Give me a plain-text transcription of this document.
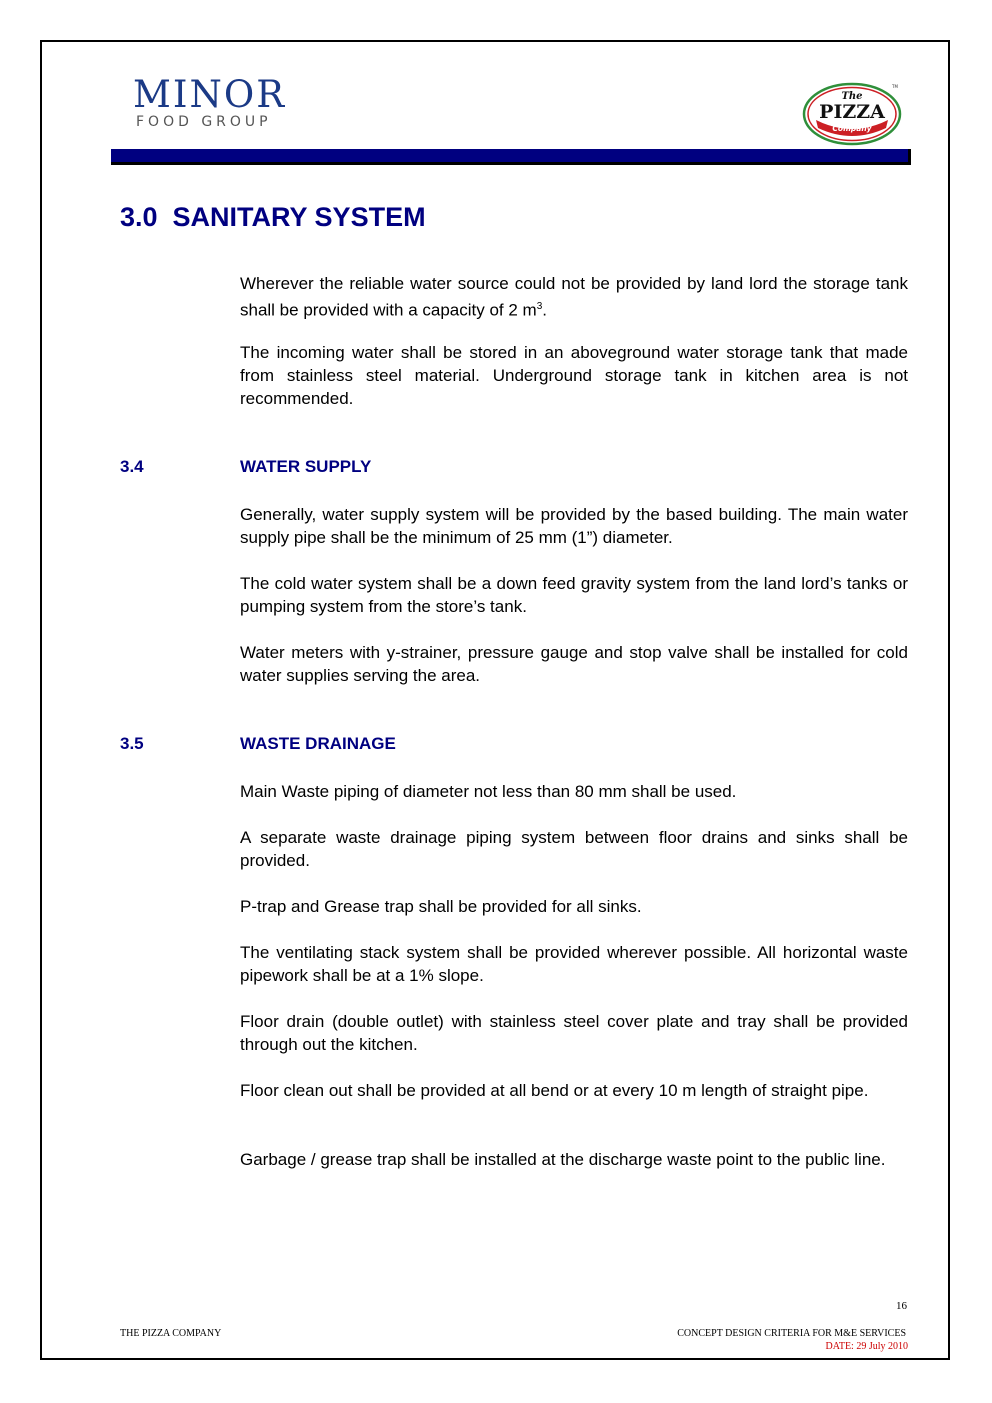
MINOR
FOOD GROUP
The
PIZZA
Company
TM
3.0  SANITARY SYSTEM
Wherever the reliable water source could not be provided by land lord the storage tank shall be provided with a capacity of 2 $m^3$.
The incoming water shall be stored in an aboveground water storage tank that made from stainless steel material. Underground storage tank in kitchen area is not recommended.
3.4	WATER SUPPLY
Generally, water supply system will be provided by the based building. The main water supply pipe shall be the minimum of 25 mm (1”) diameter.
The cold water system shall be a down feed gravity system from the land lord’s tanks or pumping system from the store’s tank.
Water meters with y-strainer, pressure gauge and stop valve shall be installed for cold water supplies serving the area.
3.5	WASTE DRAINAGE
Main Waste piping of diameter not less than 80 mm shall be used.
A separate waste drainage piping system between floor drains and sinks shall be provided.
P-trap and Grease trap shall be provided for all sinks.
The ventilating stack system shall be provided wherever possible. All horizontal waste pipework shall be at a 1% slope.
Floor drain (double outlet) with stainless steel cover plate and tray shall be provided through out the kitchen.
Floor clean out shall be provided at all bend or at every 10 m length of straight pipe.
Garbage / grease trap shall be installed at the discharge waste point to the public line.
16
THE PIZZA COMPANY	CONCEPT DESIGN CRITERIA FOR M&E SERVICES
DATE: 29 July 2010
